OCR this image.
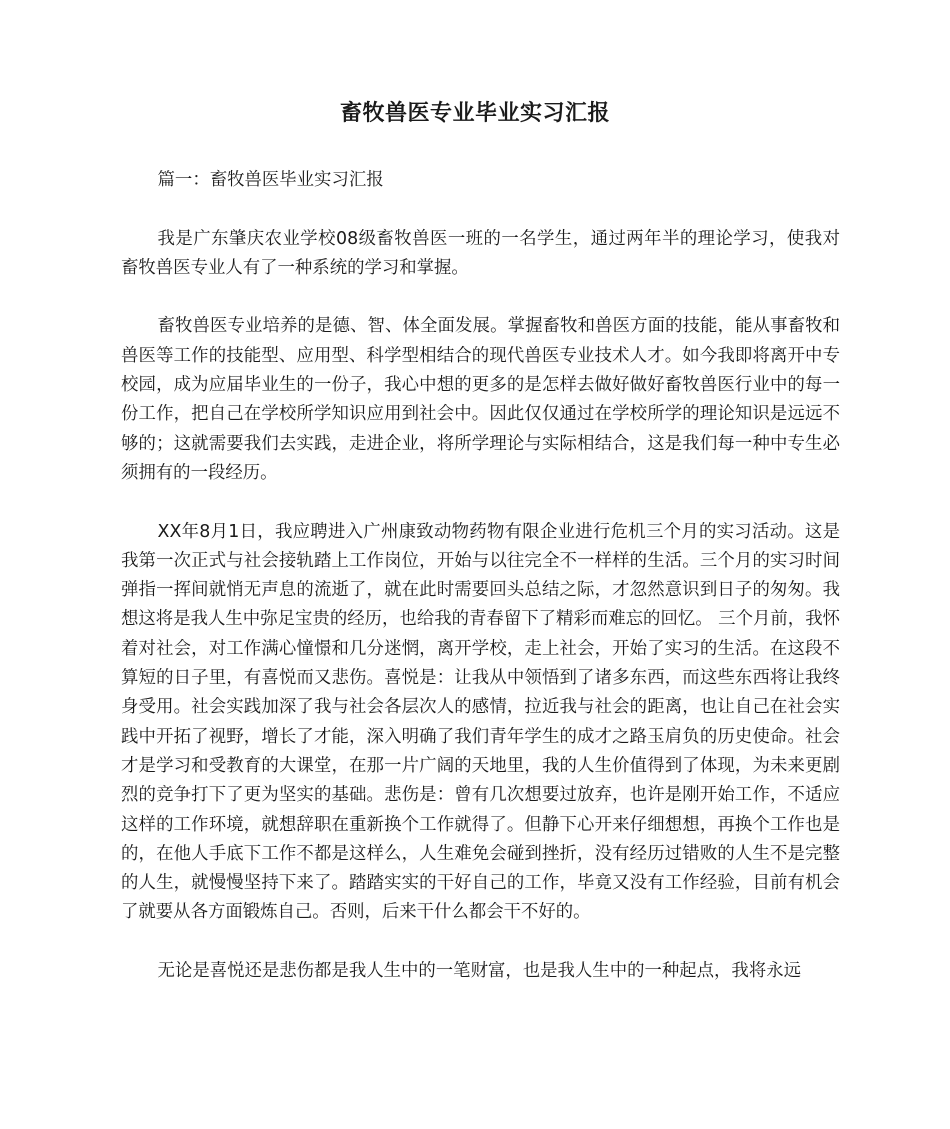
畜牧兽医专业毕业实习汇报

篇一：畜牧兽医毕业实习汇报

我是广东肇庆农业学校08级畜牧兽医一班的一名学生，通过两年半的理论学习，使我对畜牧兽医专业人有了一种系统的学习和掌握。

畜牧兽医专业培养的是德、智、体全面发展。掌握畜牧和兽医方面的技能，能从事畜牧和兽医等工作的技能型、应用型、科学型相结合的现代兽医专业技术人才。如今我即将离开中专校园，成为应届毕业生的一份子，我心中想的更多的是怎样去做好做好畜牧兽医行业中的每一份工作，把自己在学校所学知识应用到社会中。因此仅仅通过在学校所学的理论知识是远远不够的；这就需要我们去实践，走进企业，将所学理论与实际相结合，这是我们每一种中专生必须拥有的一段经历。

XX年8月1日，我应聘进入广州康致动物药物有限企业进行危机三个月的实习活动。这是我第一次正式与社会接轨踏上工作岗位，开始与以往完全不一样样的生活。三个月的实习时间弹指一挥间就悄无声息的流逝了，就在此时需要回头总结之际，才忽然意识到日子的匆匆。我想这将是我人生中弥足宝贵的经历，也给我的青春留下了精彩而难忘的回忆。 三个月前，我怀着对社会，对工作满心憧憬和几分迷惘，离开学校，走上社会，开始了实习的生活。在这段不算短的日子里，有喜悦而又悲伤。喜悦是：让我从中领悟到了诸多东西，而这些东西将让我终身受用。社会实践加深了我与社会各层次人的感情，拉近我与社会的距离，也让自己在社会实践中开拓了视野，增长了才能，深入明确了我们青年学生的成才之路玉肩负的历史使命。社会才是学习和受教育的大课堂，在那一片广阔的天地里，我的人生价值得到了体现，为未来更剧烈的竞争打下了更为坚实的基础。悲伤是：曾有几次想要过放弃，也许是刚开始工作，不适应这样的工作环境，就想辞职在重新换个工作就得了。但静下心开来仔细想想，再换个工作也是的，在他人手底下工作不都是这样么，人生难免会碰到挫折，没有经历过错败的人生不是完整的人生，就慢慢坚持下来了。踏踏实实的干好自己的工作，毕竟又没有工作经验，目前有机会了就要从各方面锻炼自己。否则，后来干什么都会干不好的。

无论是喜悦还是悲伤都是我人生中的一笔财富，也是我人生中的一种起点，我将永远
